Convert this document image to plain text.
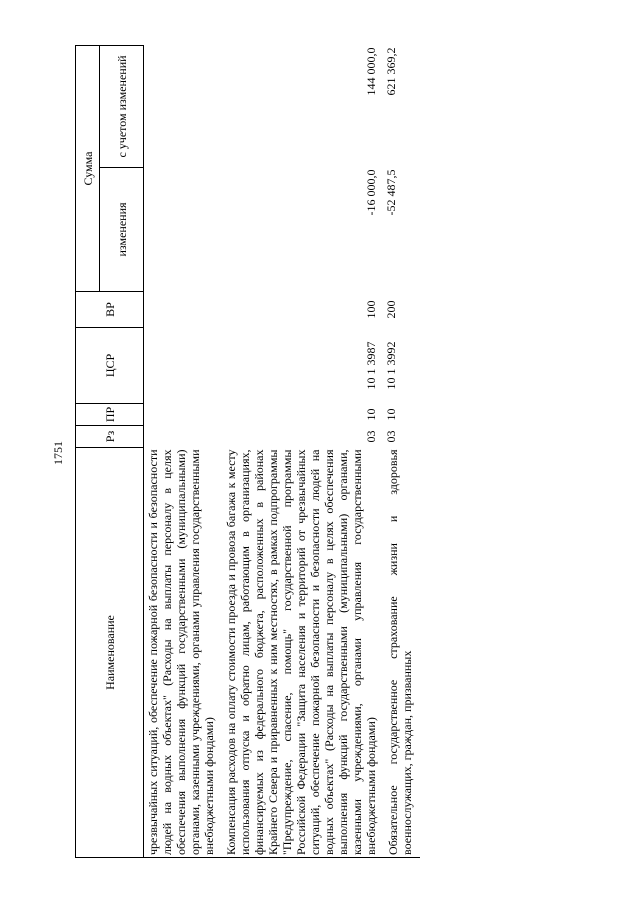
1751
Наименование	Рз	ПР	ЦСР	ВР	Сумма	
					изменения	с учетом изменений
чрезвычайных ситуаций, обеспечение пожарной безопасности и безопасности людей на водных объектах" (Расходы на выплаты персоналу в целях обеспечения выполнения функций государственными (муниципальными) органами, казенными учреждениями, органами управления государственными внебюджетными фондами)						
Компенсация расходов на оплату стоимости проезда и провоза багажа к месту использования отпуска и обратно лицам, работающим в организациях, финансируемых из федерального бюджета, расположенных в районах Крайнего Севера и приравненных к ним местностях, в рамках подпрограммы "Предупреждение, спасение, помощь" государственной программы Российской Федерации "Защита населения и территорий от чрезвычайных ситуаций, обеспечение пожарной безопасности и безопасности людей на водных объектах" (Расходы на выплаты персоналу в целях обеспечения выполнения функций государственными (муниципальными) органами, казенными учреждениями, органами управления государственными внебюджетными фондами)	03	10	10 1 3987	100	-16 000,0	144 000,0
Обязательное государственное страхование жизни и здоровья военнослужащих, граждан, призванных	03	10	10 1 3992	200	-52 487,5	621 369,2
